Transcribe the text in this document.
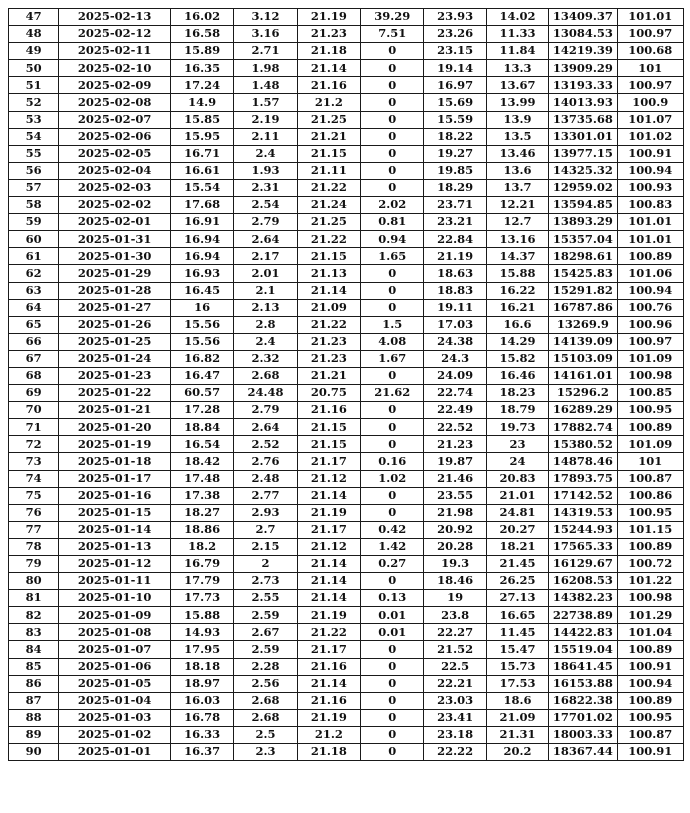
47	2025-02-13	16.02	3.12	21.19	39.29	23.93	14.02	13409.37	101.01
48	2025-02-12	16.58	3.16	21.23	7.51	23.26	11.33	13084.53	100.97
49	2025-02-11	15.89	2.71	21.18	0	23.15	11.84	14219.39	100.68
50	2025-02-10	16.35	1.98	21.14	0	19.14	13.3	13909.29	101
51	2025-02-09	17.24	1.48	21.16	0	16.97	13.67	13193.33	100.97
52	2025-02-08	14.9	1.57	21.2	0	15.69	13.99	14013.93	100.9
53	2025-02-07	15.85	2.19	21.25	0	15.59	13.9	13735.68	101.07
54	2025-02-06	15.95	2.11	21.21	0	18.22	13.5	13301.01	101.02
55	2025-02-05	16.71	2.4	21.15	0	19.27	13.46	13977.15	100.91
56	2025-02-04	16.61	1.93	21.11	0	19.85	13.6	14325.32	100.94
57	2025-02-03	15.54	2.31	21.22	0	18.29	13.7	12959.02	100.93
58	2025-02-02	17.68	2.54	21.24	2.02	23.71	12.21	13594.85	100.83
59	2025-02-01	16.91	2.79	21.25	0.81	23.21	12.7	13893.29	101.01
60	2025-01-31	16.94	2.64	21.22	0.94	22.84	13.16	15357.04	101.01
61	2025-01-30	16.94	2.17	21.15	1.65	21.19	14.37	18298.61	100.89
62	2025-01-29	16.93	2.01	21.13	0	18.63	15.88	15425.83	101.06
63	2025-01-28	16.45	2.1	21.14	0	18.83	16.22	15291.82	100.94
64	2025-01-27	16	2.13	21.09	0	19.11	16.21	16787.86	100.76
65	2025-01-26	15.56	2.8	21.22	1.5	17.03	16.6	13269.9	100.96
66	2025-01-25	15.56	2.4	21.23	4.08	24.38	14.29	14139.09	100.97
67	2025-01-24	16.82	2.32	21.23	1.67	24.3	15.82	15103.09	101.09
68	2025-01-23	16.47	2.68	21.21	0	24.09	16.46	14161.01	100.98
69	2025-01-22	60.57	24.48	20.75	21.62	22.74	18.23	15296.2	100.85
70	2025-01-21	17.28	2.79	21.16	0	22.49	18.79	16289.29	100.95
71	2025-01-20	18.84	2.64	21.15	0	22.52	19.73	17882.74	100.89
72	2025-01-19	16.54	2.52	21.15	0	21.23	23	15380.52	101.09
73	2025-01-18	18.42	2.76	21.17	0.16	19.87	24	14878.46	101
74	2025-01-17	17.48	2.48	21.12	1.02	21.46	20.83	17893.75	100.87
75	2025-01-16	17.38	2.77	21.14	0	23.55	21.01	17142.52	100.86
76	2025-01-15	18.27	2.93	21.19	0	21.98	24.81	14319.53	100.95
77	2025-01-14	18.86	2.7	21.17	0.42	20.92	20.27	15244.93	101.15
78	2025-01-13	18.2	2.15	21.12	1.42	20.28	18.21	17565.33	100.89
79	2025-01-12	16.79	2	21.14	0.27	19.3	21.45	16129.67	100.72
80	2025-01-11	17.79	2.73	21.14	0	18.46	26.25	16208.53	101.22
81	2025-01-10	17.73	2.55	21.14	0.13	19	27.13	14382.23	100.98
82	2025-01-09	15.88	2.59	21.19	0.01	23.8	16.65	22738.89	101.29
83	2025-01-08	14.93	2.67	21.22	0.01	22.27	11.45	14422.83	101.04
84	2025-01-07	17.95	2.59	21.17	0	21.52	15.47	15519.04	100.89
85	2025-01-06	18.18	2.28	21.16	0	22.5	15.73	18641.45	100.91
86	2025-01-05	18.97	2.56	21.14	0	22.21	17.53	16153.88	100.94
87	2025-01-04	16.03	2.68	21.16	0	23.03	18.6	16822.38	100.89
88	2025-01-03	16.78	2.68	21.19	0	23.41	21.09	17701.02	100.95
89	2025-01-02	16.33	2.5	21.2	0	23.18	21.31	18003.33	100.87
90	2025-01-01	16.37	2.3	21.18	0	22.22	20.2	18367.44	100.91
